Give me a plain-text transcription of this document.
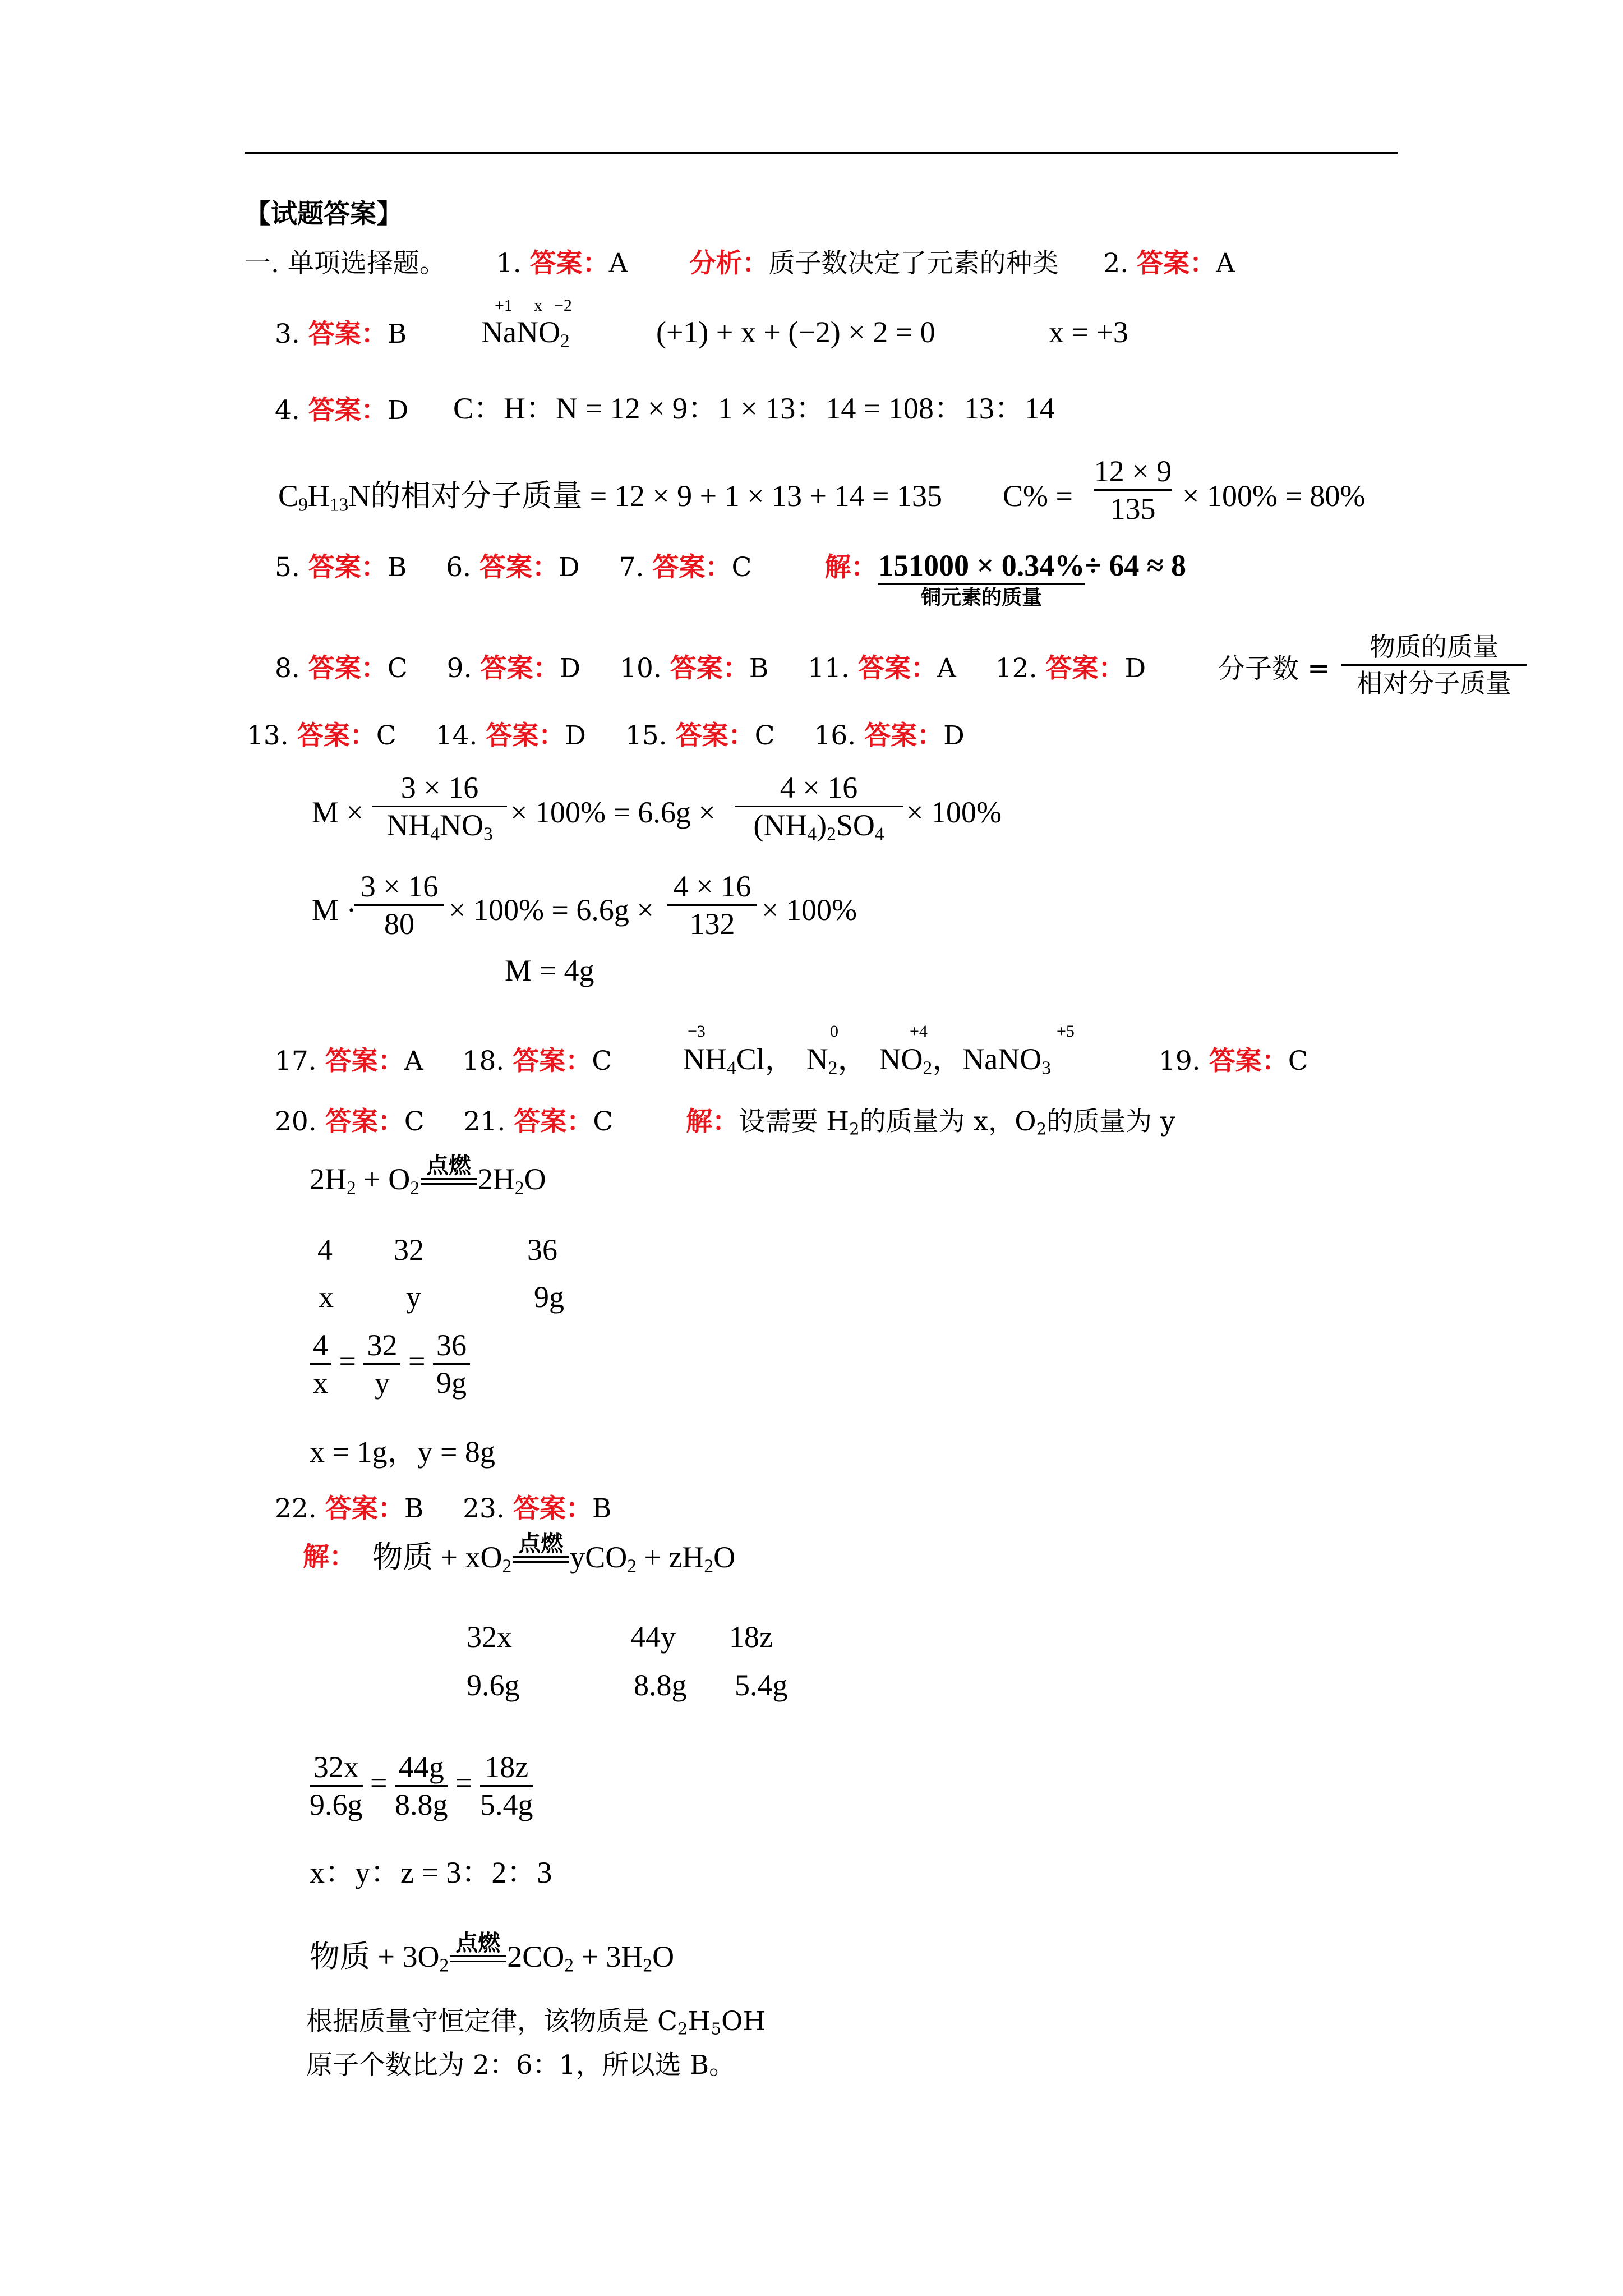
【试题答案】
一. 单项选择题。 1. 答案：A 分析：质子数决定了元素的种类 2. 答案：A
3. 答案：B
+1 x −2
NaNO$_2$	(+1) + x + (−2) × 2 = 0	x = +3
4. 答案：D C：H：N = 12 × 9：1 × 13：14 = 108：13：14
$C_9H_{13}N$的相对分子质量 = 12 × 9 + 1 × 13 + 14 = 135 C% =
12 × 9
135 × 100% = 80%
5. 答案：B 6. 答案：D 7. 答案：C	解： 151000 × 0.34%
铜元素的质量
÷ 64 ≈ 8
8. 答案：C 9. 答案：D 10. 答案：B 11. 答案：A 12. 答案：D	分子数 =
物质的质量
相对分子质量
13. 答案：C 14. 答案：D 15. 答案：C 16. 答案：D
M ×
3 × 16
$NH_4NO_3$
× 100% = 6.6g ×
4 × 16
$(NH_4)_2SO_4$
× 100%
M ·
3 × 16
80	× 100% = 6.6g ×
4 × 16
132 × 100%
M = 4g
17. 答案：A 18. 答案：C
−3	0	+4	+5
$NH_4Cl$， $N_2$， $NO_2$，NaNO$_3$	19. 答案：C
20. 答案：C 21. 答案：C	解：设需要 $H_2$的质量为 x，$O_2$的质量为 y
$2H_2 + O_2$
点燃 $2H_2O$
4 32	36
x y	9g
$\frac{4}{x} = \frac{32}{y} = \frac{36}{9g}$
x = 1g，y = 8g
22. 答案：B 23. 答案：B
解： 物质 + $xO_2$
点燃 $yCO_2 + zH_2O$
32x	44y 18z
9.6g	8.8g 5.4g
$\frac{32x}{9.6g} = \frac{44g}{8.8g} = \frac{18z}{5.4g}$
x：y：z = 3：2：3
物质 + $3O_2$
点燃 $2CO_2 + 3H_2O$
根据质量守恒定律，该物质是 $C_2H_5OH$
原子个数比为 2：6：1，所以选 B。
